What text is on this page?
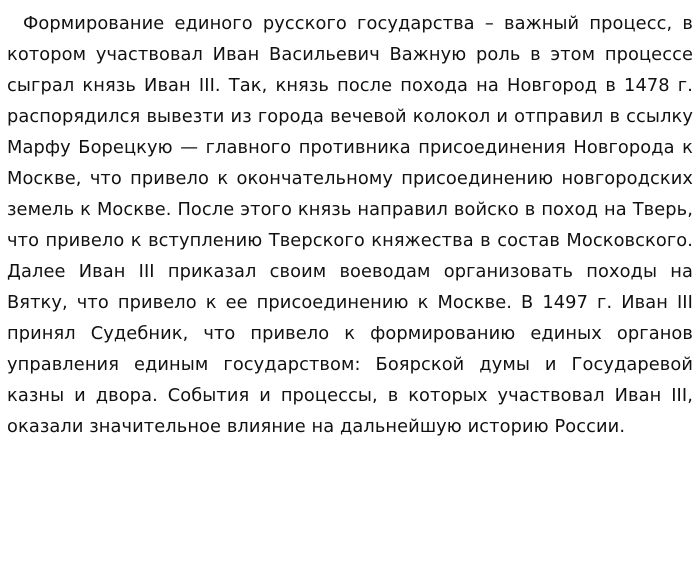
Формирование единого русского государства – важный процесс, в котором участвовал Иван Васильевич Важную роль в этом процессе сыграл князь Иван III. Так, князь после похода на Новгород в 1478 г. распорядился вывезти из города вечевой колокол и отправил в ссылку Марфу Борецкую — главного противника присоединения Новгорода к Москве, что привело к окончательному присоединению новгородских земель к Москве. После этого князь направил войско в поход на Тверь, что привело к вступлению Тверского княжества в состав Московского. Далее Иван III приказал своим воеводам организовать походы на Вятку, что привело к ее присоединению к Москве. В 1497 г. Иван III принял Судебник, что привело к формированию единых органов управления единым государством: Боярской думы и Государевой казны и двора. События и процессы, в которых участвовал Иван III, оказали значительное влияние на дальнейшую историю России.
